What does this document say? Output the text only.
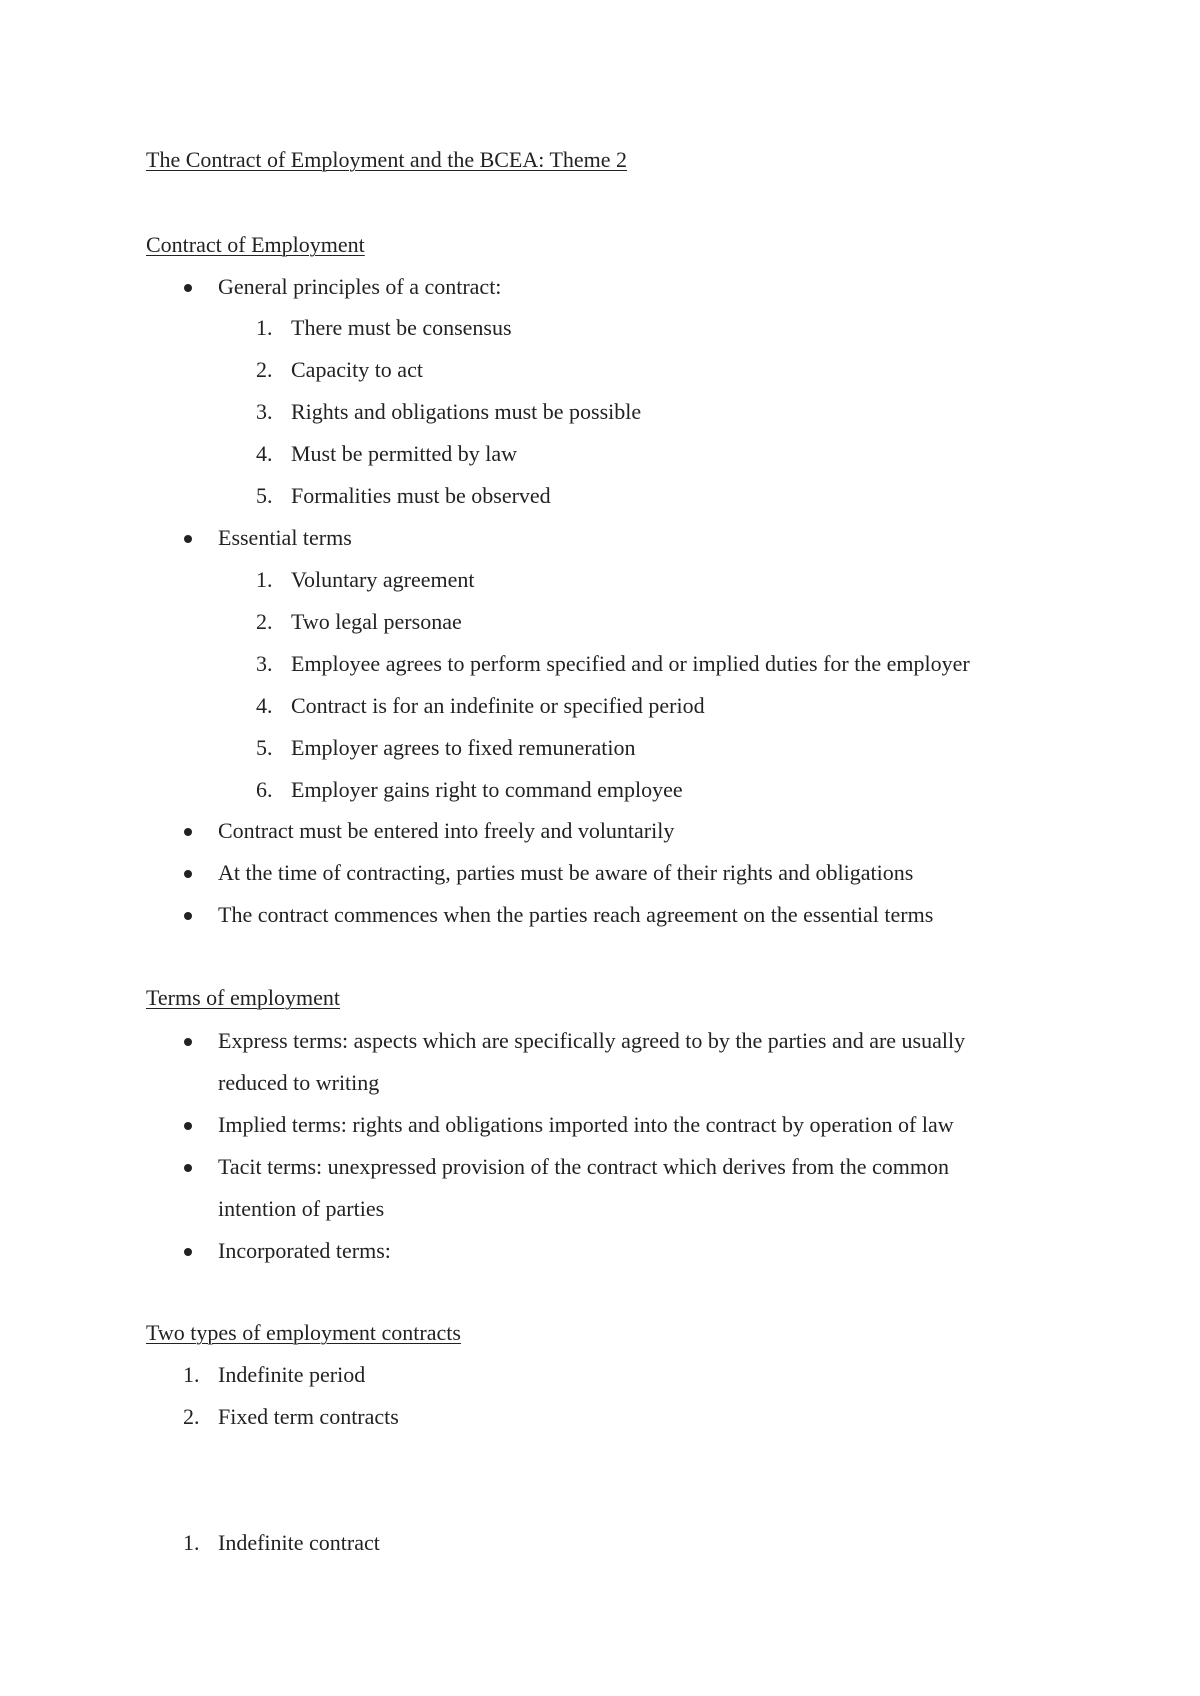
The Contract of Employment and the BCEA: Theme 2
Contract of Employment
General principles of a contract:
1. There must be consensus
2. Capacity to act
3. Rights and obligations must be possible
4. Must be permitted by law
5. Formalities must be observed
Essential terms
1. Voluntary agreement
2. Two legal personae
3. Employee agrees to perform specified and or implied duties for the employer
4. Contract is for an indefinite or specified period
5. Employer agrees to fixed remuneration
6. Employer gains right to command employee
Contract must be entered into freely and voluntarily
At the time of contracting, parties must be aware of their rights and obligations
The contract commences when the parties reach agreement on the essential terms
Terms of employment
Express terms: aspects which are specifically agreed to by the parties and are usually
reduced to writing
Implied terms: rights and obligations imported into the contract by operation of law
Tacit terms: unexpressed provision of the contract which derives from the common
intention of parties
Incorporated terms:
Two types of employment contracts
1. Indefinite period
2. Fixed term contracts
1. Indefinite contract
